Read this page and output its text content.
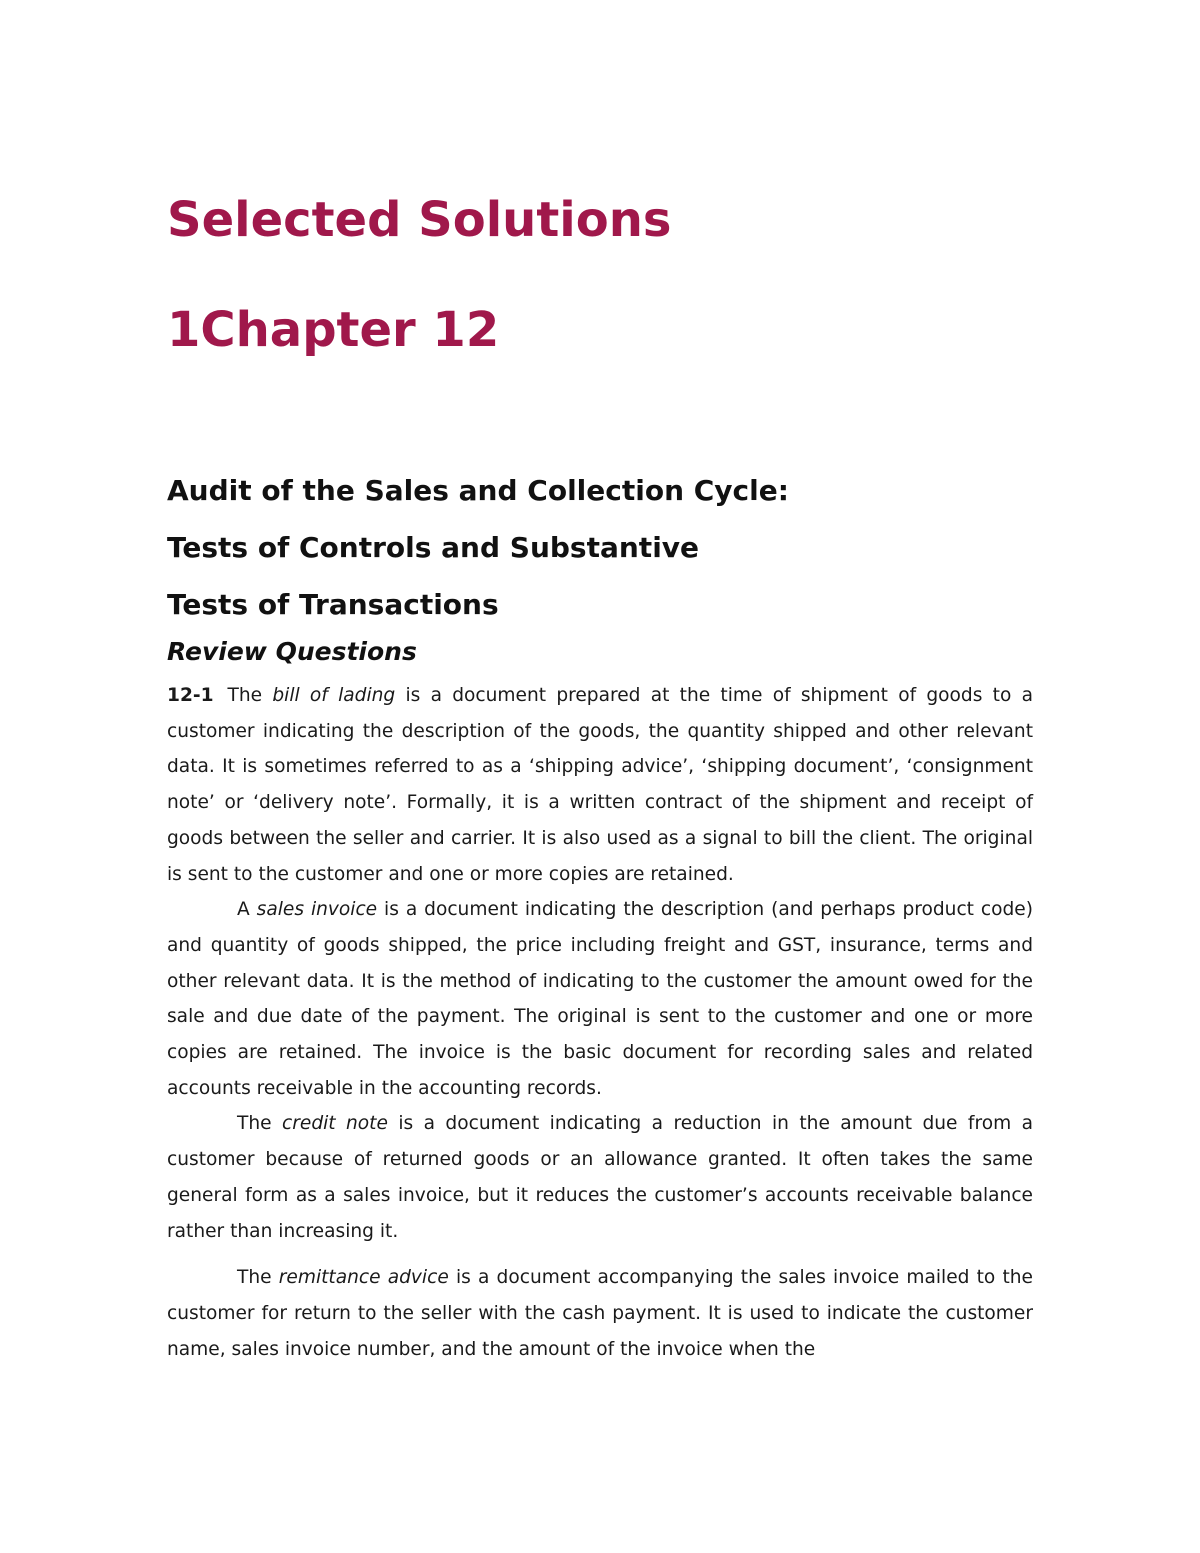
Selected Solutions
1Chapter 12

Audit of the Sales and Collection Cycle:

Tests of Controls and Substantive

Tests of Transactions

Review Questions

12-1 The bill of lading is a document prepared at the time of shipment of goods to a customer indicating the description of the goods, the quantity shipped and other relevant data. It is sometimes referred to as a ‘shipping advice’, ‘shipping document’, ‘consignment note’ or ‘delivery note’. Formally, it is a written contract of the shipment and receipt of goods between the seller and carrier. It is also used as a signal to bill the client. The original is sent to the customer and one or more copies are retained.

A sales invoice is a document indicating the description (and perhaps product code) and quantity of goods shipped, the price including freight and GST, insurance, terms and other relevant data. It is the method of indicating to the customer the amount owed for the sale and due date of the payment. The original is sent to the customer and one or more copies are retained. The invoice is the basic document for recording sales and related accounts receivable in the accounting records.

The credit note is a document indicating a reduction in the amount due from a customer because of returned goods or an allowance granted. It often takes the same general form as a sales invoice, but it reduces the customer’s accounts receivable balance rather than increasing it.

The remittance advice is a document accompanying the sales invoice mailed to the customer for return to the seller with the cash payment. It is used to indicate the customer name, sales invoice number, and the amount of the invoice when the
